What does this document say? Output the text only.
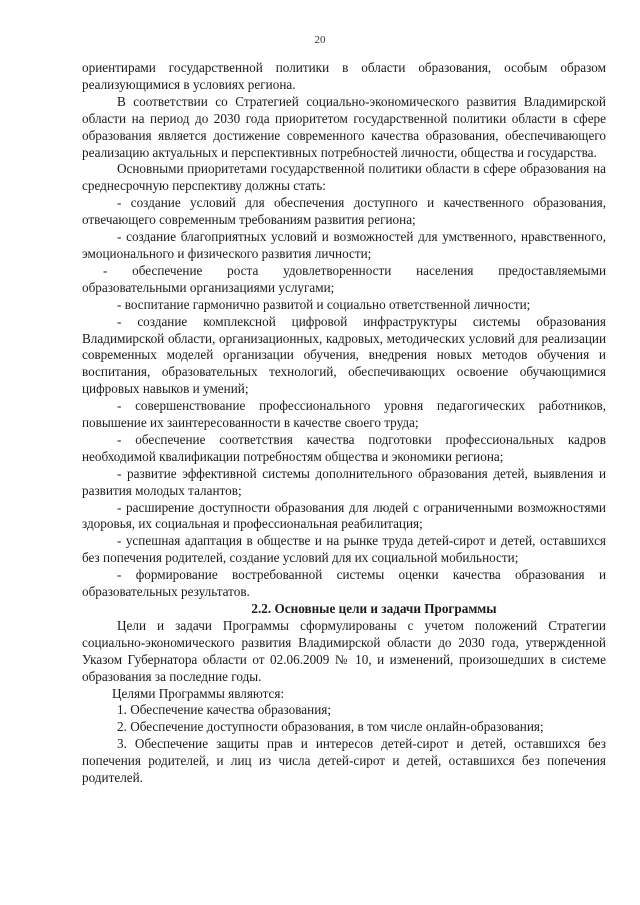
20

ориентирами государственной политики в области образования, особым образом реализующимися в условиях региона.

В соответствии со Стратегией социально-экономического развития Владимирской области на период до 2030 года приоритетом государственной политики области в сфере образования является достижение современного качества образования, обеспечивающего реализацию актуальных и перспективных потребностей личности, общества и государства.

Основными приоритетами государственной политики области в сфере образования на среднесрочную перспективу должны стать:

- создание условий для обеспечения доступного и качественного образования, отвечающего современным требованиям развития региона;

- создание благоприятных условий и возможностей для умственного, нравственного, эмоционального и физического развития личности;

- обеспечение роста удовлетворенности населения предоставляемыми образовательными организациями услугами;

- воспитание гармонично развитой и социально ответственной личности;

- создание комплексной цифровой инфраструктуры системы образования Владимирской области, организационных, кадровых, методических условий для реализации современных моделей организации обучения, внедрения новых методов обучения и воспитания, образовательных технологий, обеспечивающих освоение обучающимися цифровых навыков и умений;

- совершенствование профессионального уровня педагогических работников, повышение их заинтересованности в качестве своего труда;

- обеспечение соответствия качества подготовки профессиональных кадров необходимой квалификации потребностям общества и экономики региона;

- развитие эффективной системы дополнительного образования детей, выявления и развития молодых талантов;

- расширение доступности образования для людей с ограниченными возможностями здоровья, их социальная и профессиональная реабилитация;

- успешная адаптация в обществе и на рынке труда детей-сирот и детей, оставшихся без попечения родителей, создание условий для их социальной мобильности;

- формирование востребованной системы оценки качества образования и образовательных результатов.

2.2. Основные цели и задачи Программы

Цели и задачи Программы сформулированы с учетом положений Стратегии социально-экономического развития Владимирской области до 2030 года, утвержденной Указом Губернатора области от 02.06.2009 № 10, и изменений, произошедших в системе образования за последние годы.

Целями Программы являются:

1. Обеспечение качества образования;

2. Обеспечение доступности образования, в том числе онлайн-образования;

3. Обеспечение защиты прав и интересов детей-сирот и детей, оставшихся без попечения родителей, и лиц из числа детей-сирот и детей, оставшихся без попечения родителей.
